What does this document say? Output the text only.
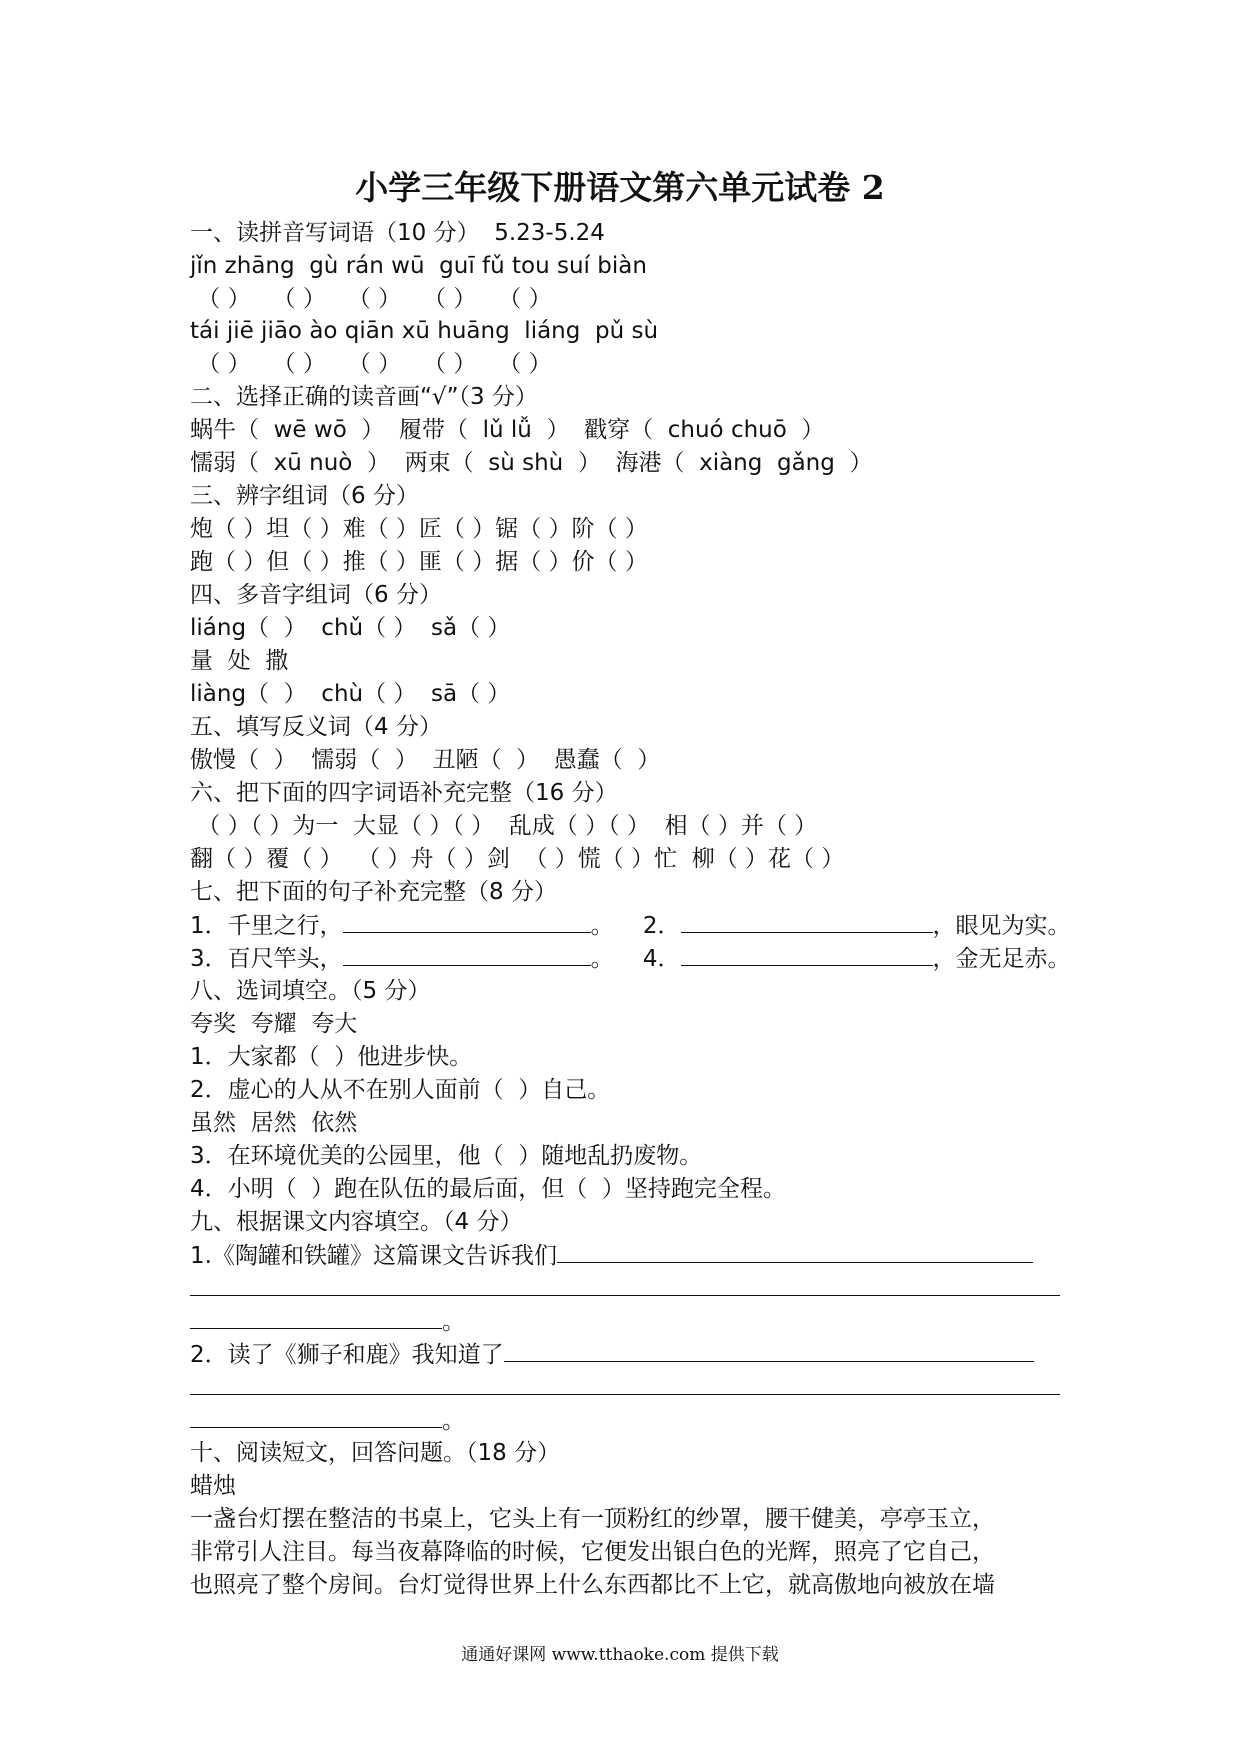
小学三年级下册语文第六单元试卷 2
一、读拼音写词语（10 分）  5.23-5.24
jǐn zhāng  gù rán wū  guī fǔ tou suí biàn
（ ）   （ ）   （ ）   （ ）   （ ）
tái jiē jiāo ào qiān xū huāng  liáng  pǔ sù
（ ）   （ ）   （ ）   （ ）   （ ）
二、选择正确的读音画“√”（3 分）
蜗牛（  wē wō  ）  履带（  lǔ lǚ  ）  戳穿（  chuó chuō  ）
懦弱（  xū nuò  ）  两束（  sù shù  ）  海港（  xiàng  gǎng  ）
三、辨字组词（6 分）
炮（ ）坦（ ）难（ ）匠（ ）锯（ ）阶（ ）
跑（ ）但（ ）推（ ）匪（ ）据（ ）价（ ）
四、多音字组词（6 分）
liáng（  ）  chǔ（ ）  sǎ（ ）
量  处  撒
liàng（  ）  chù（ ）  sā（ ）
五、填写反义词（4 分）
傲慢（  ）  懦弱（  ）  丑陋（  ）  愚蠢（  ）
六、把下面的四字词语补充完整（16 分）
（ ）（ ）为一  大显（ ）（ ）  乱成（ ）（ ）  相（ ）并（ ）
翻（ ）覆（ ）  （ ）舟（ ）剑  （ ）慌（ ）忙  柳（ ）花（ ）
七、把下面的句子补充完整（8 分）
1．千里之行，	。 2．	，眼见为实。
3．百尺竿头，	。 4．	，金无足赤。
八、选词填空。（5 分）
夸奖  夸耀  夸大
1．大家都（  ）他进步快。
2．虚心的人从不在别人面前（  ）自己。
虽然  居然  依然
3．在环境优美的公园里，他（  ）随地乱扔废物。
4．小明（  ）跑在队伍的最后面，但（  ）坚持跑完全程。
九、根据课文内容填空。（4 分）
1.《陶罐和铁罐》这篇课文告诉我们
。
2．读了《狮子和鹿》我知道了
。
十、阅读短文，回答问题。（18 分）
蜡烛
一盏台灯摆在整洁的书桌上，它头上有一顶粉红的纱罩，腰干健美，亭亭玉立，
非常引人注目。每当夜幕降临的时候，它便发出银白色的光辉，照亮了它自己，
也照亮了整个房间。台灯觉得世界上什么东西都比不上它，就高傲地向被放在墙
通通好课网 www.tthaoke.com 提供下载
